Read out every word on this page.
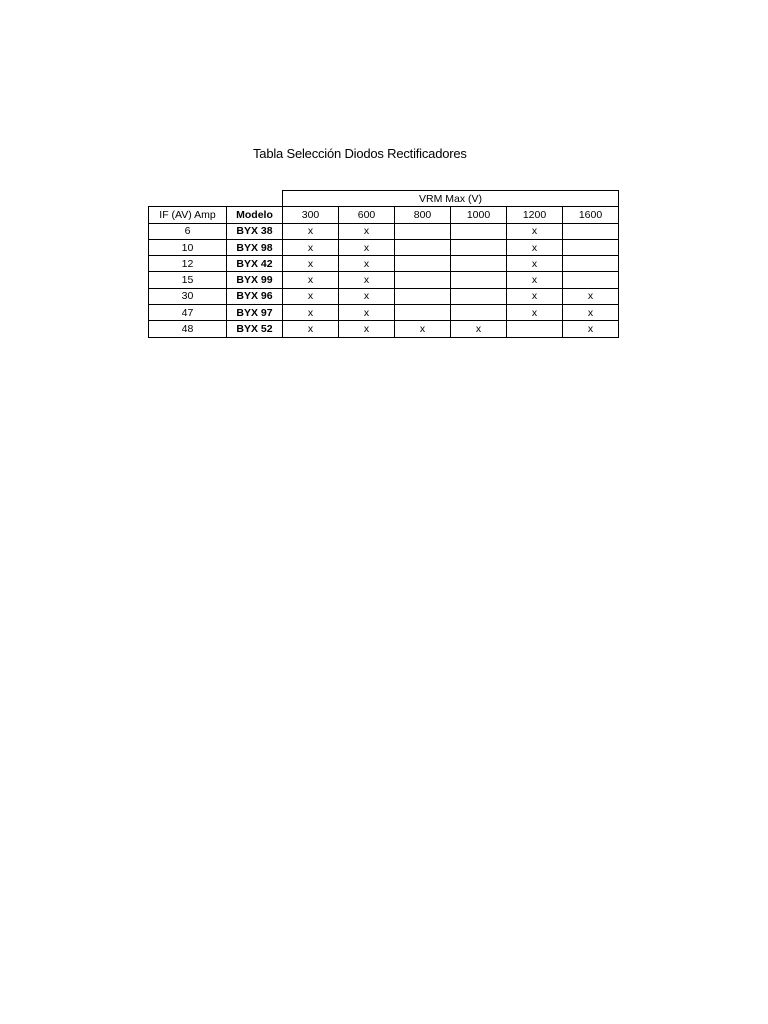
Tabla Selección Diodos Rectificadores
		VRM Max (V)					
IF (AV) Amp	Modelo	300	600	800	1000	1200	1600
6	BYX 38	x	x			x	
10	BYX 98	x	x			x	
12	BYX 42	x	x			x	
15	BYX 99	x	x			x	
30	BYX 96	x	x			x	x
47	BYX 97	x	x			x	x
48	BYX 52	x	x	x	x		x
